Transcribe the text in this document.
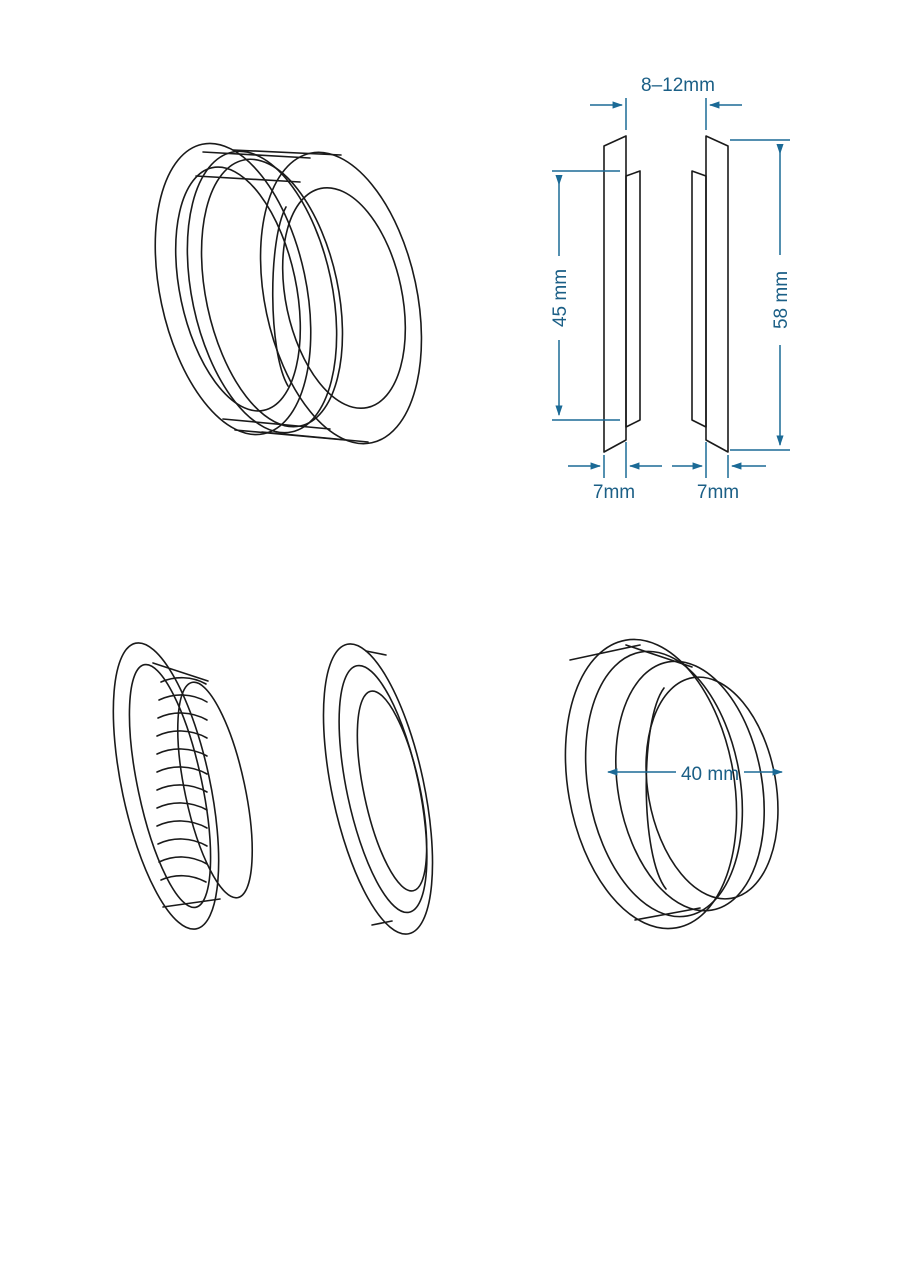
8–12mm
45 mm	58 mm
7mm	7mm
40 mm
